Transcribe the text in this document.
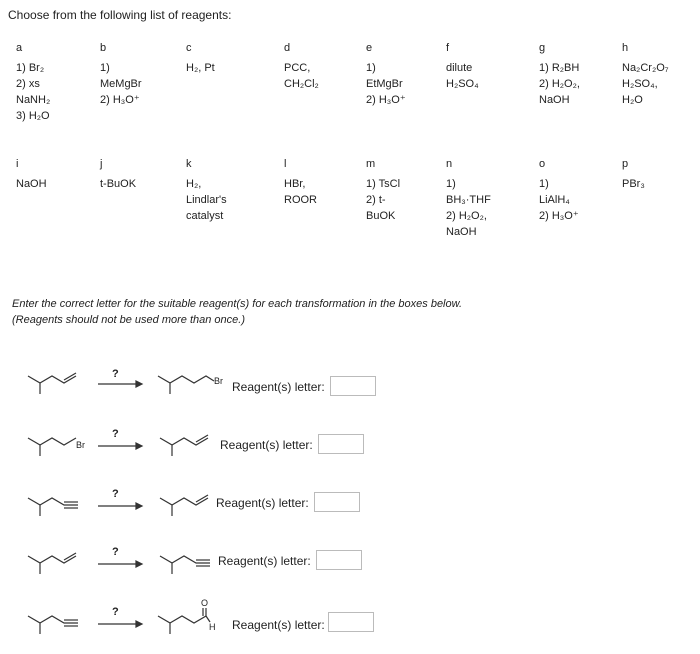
Choose from the following list of reagents:
a
1) Br₂
2) xs
NaNH₂
3) H₂O
b
1)
MeMgBr
2) H₃O⁺
c
H₂, Pt
d
PCC,
CH₂Cl₂
e
1)
EtMgBr
2) H₃O⁺
f
dilute
H₂SO₄
g
1) R₂BH
2) H₂O₂,
NaOH
h
Na₂Cr₂O₇
H₂SO₄,
H₂O
i
NaOH
j
t-BuOK
k
H₂,
Lindlar's
catalyst
l
HBr,
ROOR
m
1) TsCl
2) t-
BuOK
n
1)
BH₃·THF
2) H₂O₂,
NaOH
o
1)
LiAlH₄
2) H₃O⁺
p
PBr₃
Enter the correct letter for the suitable reagent(s) for each transformation in the boxes below.
(Reagents should not be used more than once.)
?
Br Reagent(s) letter:
?
Br	Reagent(s) letter:
?
Reagent(s) letter:
?
Reagent(s) letter:
?
O
H Reagent(s) letter:
